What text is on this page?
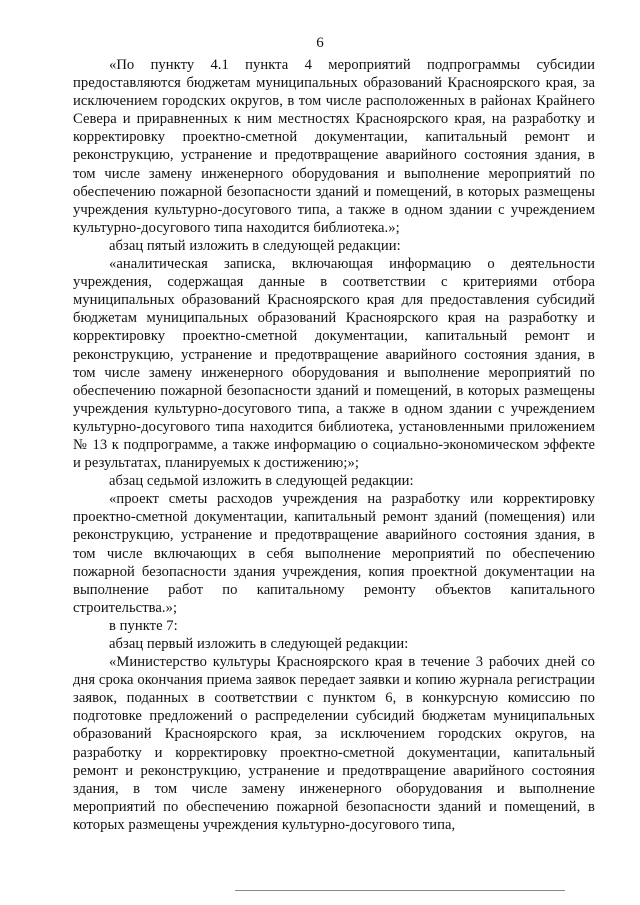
6

«По пункту 4.1 пункта 4 мероприятий подпрограммы субсидии предоставляются бюджетам муниципальных образований Красноярского края, за исключением городских округов, в том числе расположенных в районах Крайнего Севера и приравненных к ним местностях Красноярского края, на разработку и корректировку проектно-сметной документации, капитальный ремонт и реконструкцию, устранение и предотвращение аварийного состояния здания, в том числе замену инженерного оборудования и выполнение мероприятий по обеспечению пожарной безопасности зданий и помещений, в которых размещены учреждения культурно-досугового типа, а также в одном здании с учреждением культурно-досугового типа находится библиотека.»;

абзац пятый изложить в следующей редакции:

«аналитическая записка, включающая информацию о деятельности учреждения, содержащая данные в соответствии с критериями отбора муниципальных образований Красноярского края для предоставления субсидий бюджетам муниципальных образований Красноярского края на разработку и корректировку проектно-сметной документации, капитальный ремонт и реконструкцию, устранение и предотвращение аварийного состояния здания, в том числе замену инженерного оборудования и выполнение мероприятий по обеспечению пожарной безопасности зданий и помещений, в которых размещены учреждения культурно-досугового типа, а также в одном здании с учреждением культурно-досугового типа находится библиотека, установленными приложением № 13 к подпрограмме, а также информацию о социально-экономическом эффекте и результатах, планируемых к достижению;»;

абзац седьмой изложить в следующей редакции:

«проект сметы расходов учреждения на разработку или корректировку проектно-сметной документации, капитальный ремонт зданий (помещения) или реконструкцию, устранение и предотвращение аварийного состояния здания, в том числе включающих в себя выполнение мероприятий по обеспечению пожарной безопасности здания учреждения, копия проектной документации на выполнение работ по капитальному ремонту объектов капитального строительства.»;

в пункте 7:

абзац первый изложить в следующей редакции:

«Министерство культуры Красноярского края в течение 3 рабочих дней со дня срока окончания приема заявок передает заявки и копию журнала регистрации заявок, поданных в соответствии с пунктом 6, в конкурсную комиссию по подготовке предложений о распределении субсидий бюджетам муниципальных образований Красноярского края, за исключением городских округов, на разработку и корректировку проектно-сметной документации, капитальный ремонт и реконструкцию, устранение и предотвращение аварийного состояния здания, в том числе замену инженерного оборудования и выполнение мероприятий по обеспечению пожарной безопасности зданий и помещений, в которых размещены учреждения культурно-досугового типа,
